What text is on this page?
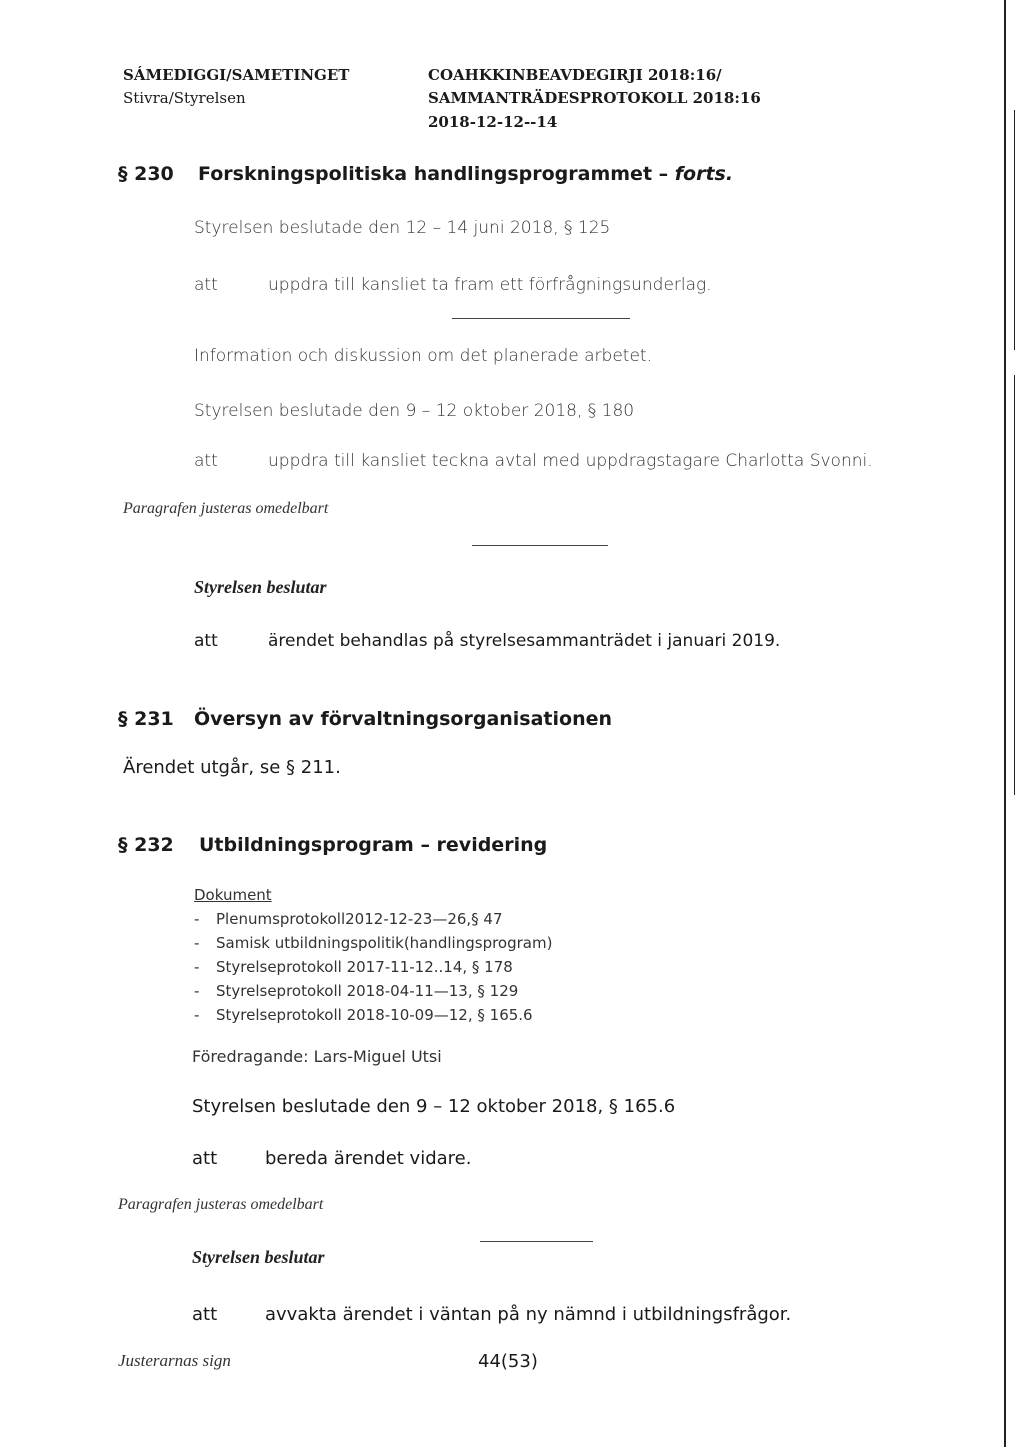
SÁMEDIGGI/SAMETINGET
Stivra/Styrelsen
COAHKKINBEAVDEGIRJI 2018:16/
SAMMANTRÄDESPROTOKOLL 2018:16
2018-12-12--14
§ 230 Forskningspolitiska handlingsprogrammet – forts.
Styrelsen beslutade den 12 – 14 juni 2018, § 125
att	uppdra till kansliet ta fram ett förfrågningsunderlag.
Information och diskussion om det planerade arbetet.
Styrelsen beslutade den 9 – 12 oktober 2018, § 180
att	uppdra till kansliet teckna avtal med uppdragstagare Charlotta Svonni.
Paragrafen justeras omedelbart
Styrelsen beslutar
att	ärendet behandlas på styrelsesammanträdet i januari 2019.
§ 231 Översyn av förvaltningsorganisationen
Ärendet utgår, se § 211.
§ 232 Utbildningsprogram – revidering
Dokument
- Plenumsprotokoll2012-12-23—26,§ 47
- Samisk utbildningspolitik(handlingsprogram)
- Styrelseprotokoll 2017-11-12..14, § 178
- Styrelseprotokoll 2018-04-11—13, § 129
- Styrelseprotokoll 2018-10-09—12, § 165.6
Föredragande: Lars-Miguel Utsi
Styrelsen beslutade den 9 – 12 oktober 2018, § 165.6
att	bereda ärendet vidare.
Paragrafen justeras omedelbart
Styrelsen beslutar
att	avvakta ärendet i väntan på ny nämnd i utbildningsfrågor.
Justerarnas sign	44(53)
